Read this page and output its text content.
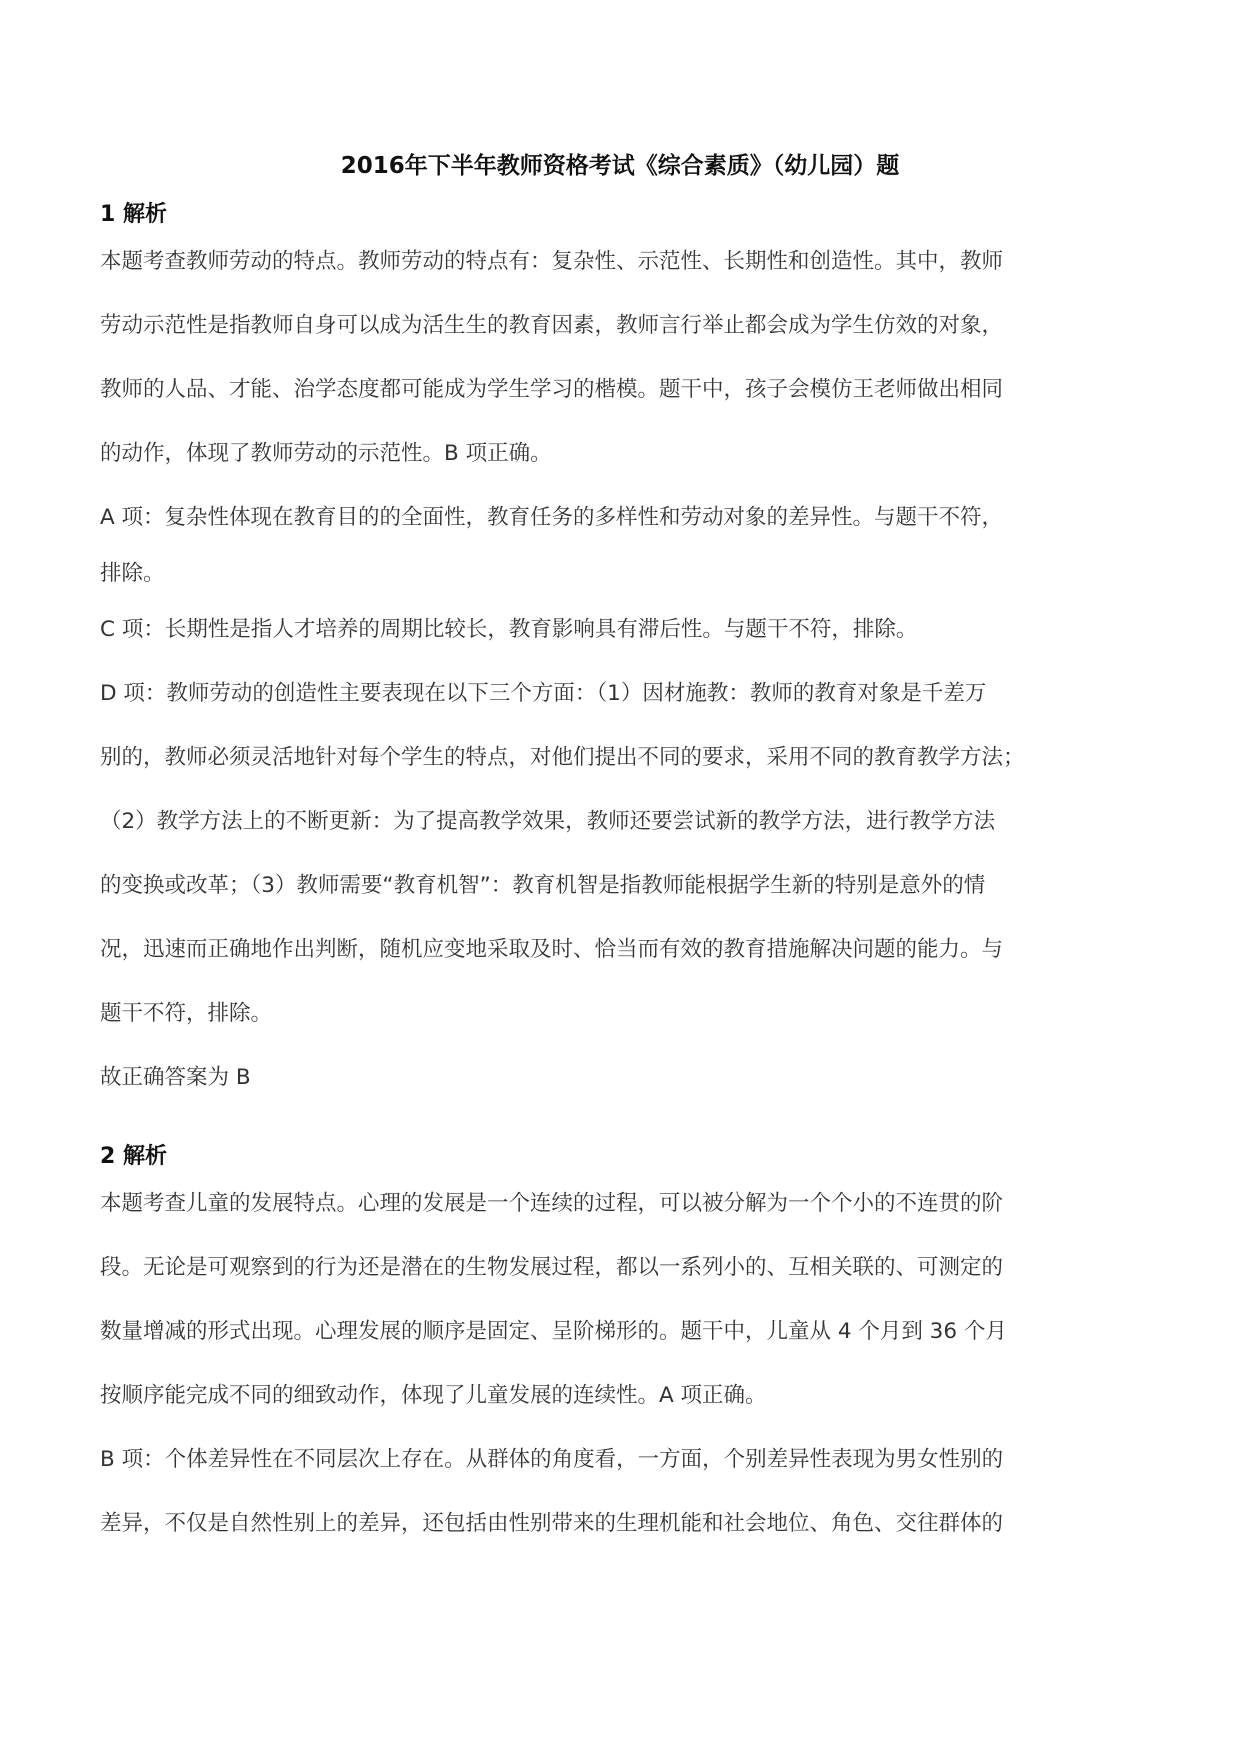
2016年下半年教师资格考试《综合素质》（幼儿园）题
1 解析
本题考查教师劳动的特点。教师劳动的特点有：复杂性、示范性、长期性和创造性。其中，教师
劳动示范性是指教师自身可以成为活生生的教育因素，教师言行举止都会成为学生仿效的对象，
教师的人品、才能、治学态度都可能成为学生学习的楷模。题干中，孩子会模仿王老师做出相同
的动作，体现了教师劳动的示范性。B 项正确。
A 项：复杂性体现在教育目的的全面性，教育任务的多样性和劳动对象的差异性。与题干不符，
排除。
C 项：长期性是指人才培养的周期比较长，教育影响具有滞后性。与题干不符，排除。
D 项：教师劳动的创造性主要表现在以下三个方面：（1）因材施教：教师的教育对象是千差万
别的，教师必须灵活地针对每个学生的特点，对他们提出不同的要求，采用不同的教育教学方法；
（2）教学方法上的不断更新：为了提高教学效果，教师还要尝试新的教学方法，进行教学方法
的变换或改革；（3）教师需要“教育机智”：教育机智是指教师能根据学生新的特别是意外的情
况，迅速而正确地作出判断，随机应变地采取及时、恰当而有效的教育措施解决问题的能力。与
题干不符，排除。
故正确答案为 B
2 解析
本题考查儿童的发展特点。心理的发展是一个连续的过程，可以被分解为一个个小的不连贯的阶
段。无论是可观察到的行为还是潜在的生物发展过程，都以一系列小的、互相关联的、可测定的
数量增减的形式出现。心理发展的顺序是固定、呈阶梯形的。题干中，儿童从 4 个月到 36 个月
按顺序能完成不同的细致动作，体现了儿童发展的连续性。A 项正确。
B 项：个体差异性在不同层次上存在。从群体的角度看，一方面，个别差异性表现为男女性别的
差异，不仅是自然性别上的差异，还包括由性别带来的生理机能和社会地位、角色、交往群体的
